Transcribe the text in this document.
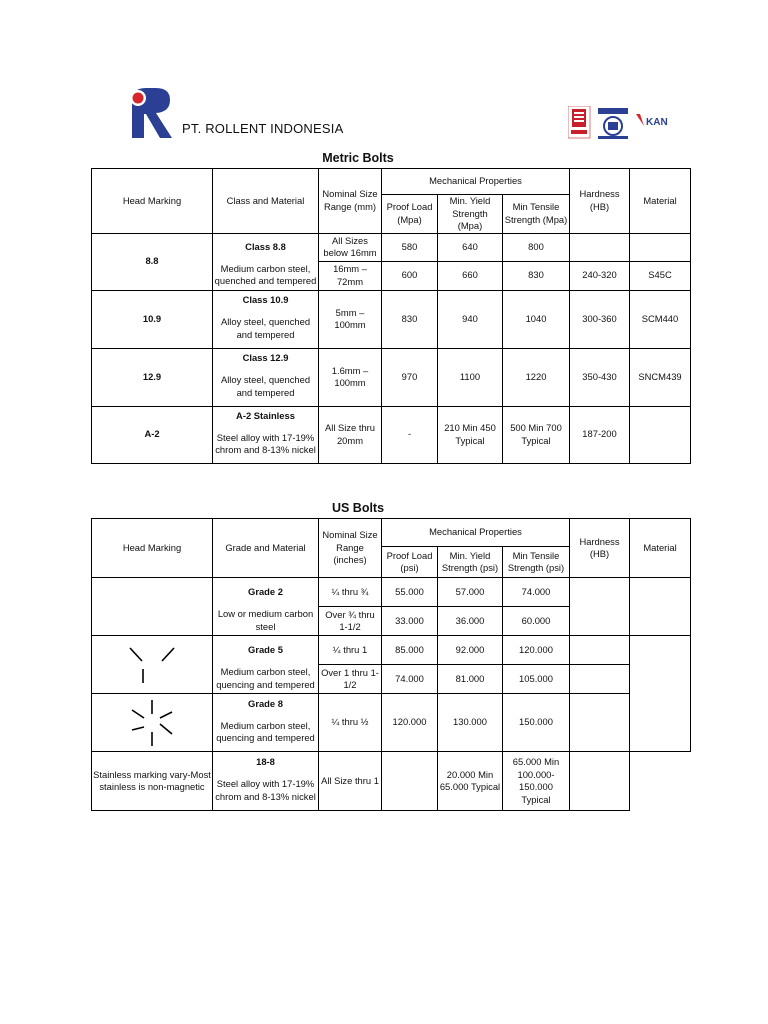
PT. ROLLENT INDONESIA	KAN
Metric Bolts
Head Marking	Class and Material	Nominal Size Range (mm)	Mechanical Properties			Hardness (HB)	Material
			Proof Load (Mpa)	Min. Yield Strength (Mpa)	Min Tensile Strength (Mpa)		
8.8	Class 8.8	All Sizes below 16mm	580	640	800		
	Medium carbon steel, quenched and tempered	16mm – 72mm	600	660	830	240-320	S45C
10.9	Class 10.9	5mm – 100mm	830	940	1040	300-360	SCM440
	Alloy steel, quenched and tempered						
12.9	Class 12.9	1.6mm – 100mm	970	1100	1220	350-430	SNCM439
	Alloy steel, quenched and tempered						
A-2	A-2 Stainless	All Size thru 20mm	-	210 Min 450 Typical	500 Min 700 Typical	187-200	
	Steel alloy with 17-19% chrom and 8-13% nickel						
US Bolts
Head Marking	Grade and Material	Nominal Size Range (inches)	Mechanical Properties			Hardness (HB)	Material
			Proof Load (psi)	Min. Yield Strength (psi)	Min Tensile Strength (psi)		
	Grade 2	¼ thru ¾	55.000	57.000	74.000		
	Low or medium carbon steel	Over ¾ thru 1-1/2	33.000	36.000	60.000		

	Grade 5	¼ thru 1	85.000	92.000	120.000		
	Medium carbon steel, quencing and tempered	Over 1 thru 1-1/2	74.000	81.000	105.000		

	Grade 8	¼ thru ½	120.000	130.000	150.000		
	Medium carbon steel, quencing and tempered						
Stainless marking vary-Most stainless is non-magnetic	18-8	All Size thru 1		20.000 Min 65.000 Typical	65.000 Min 100.000-150.000 Typical		
	Steel alloy with 17-19% chrom and 8-13% nickel						
